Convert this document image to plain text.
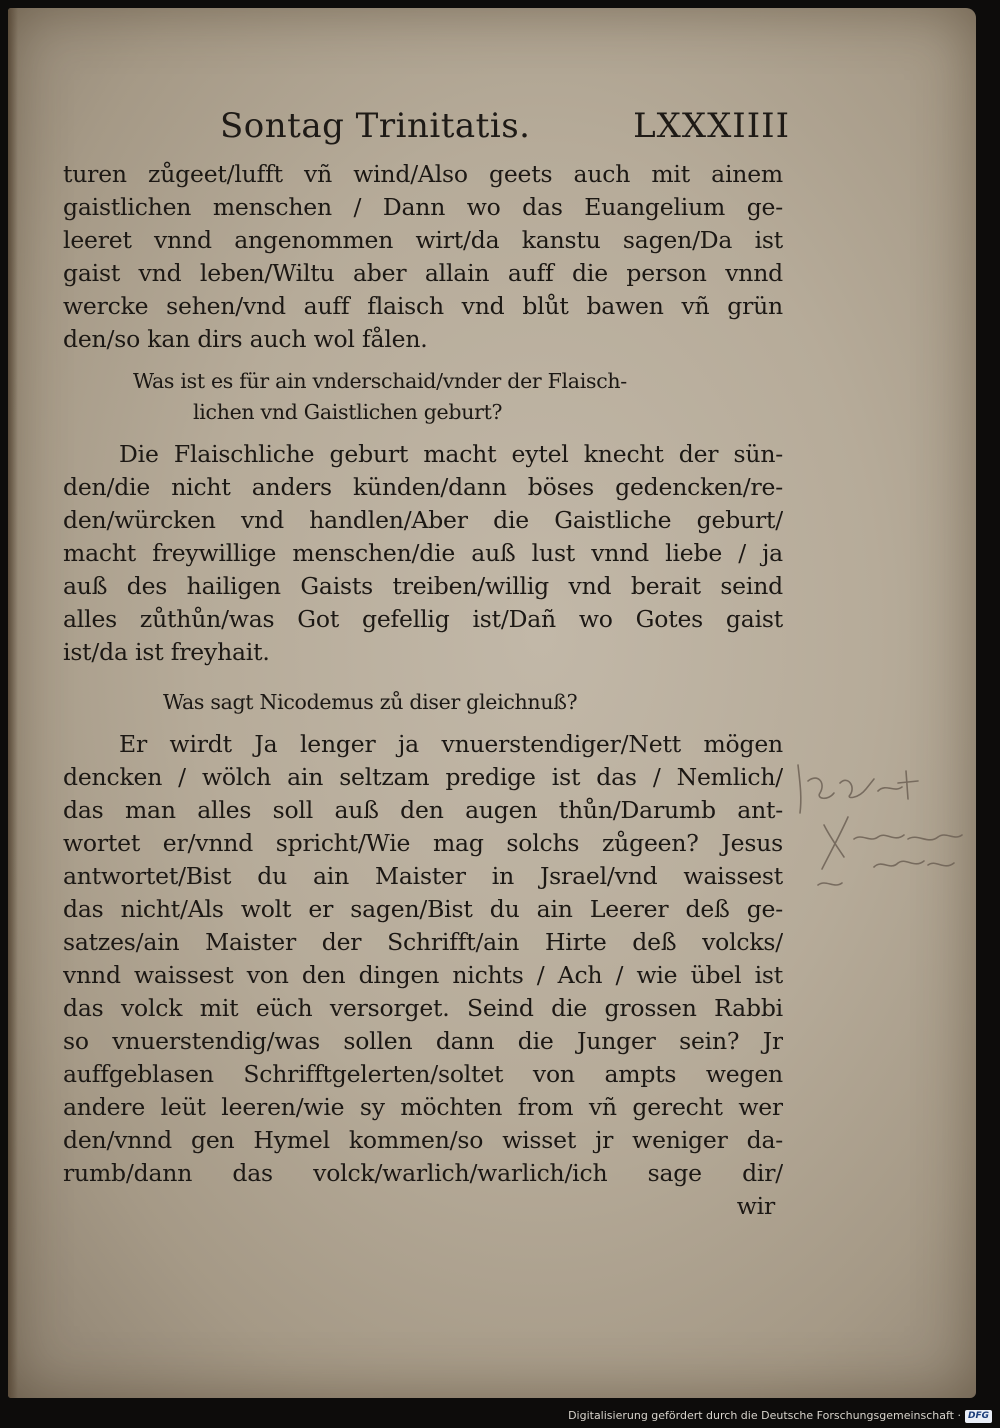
Sontag Trinitatis.	LXXXIIII
turen zůgeet/lufft vñ wind/Also geets auch mit ainem
gaistlichen menschen / Dann wo das Euangelium ge‑
leeret vnnd angenommen wirt/da kanstu sagen/Da ist
gaist vnd leben/Wiltu aber allain auff die person vnnd
wercke sehen/vnd auff flaisch vnd blůt bawen vñ grün
den/so kan dirs auch wol fålen.
Was ist es für ain vnderschaid/vnder der Flaisch‑
lichen vnd Gaistlichen geburt?
Die Flaischliche geburt macht eytel knecht der sün‑
den/die nicht anders künden/dann böses gedencken/re‑
den/würcken vnd handlen/Aber die Gaistliche geburt/
macht freywillige menschen/die auß lust vnnd liebe / ja
auß des hailigen Gaists treiben/willig vnd berait seind
alles zůthůn/was Got gefellig ist/Dañ wo Gotes gaist
ist/da ist freyhait.
Was sagt Nicodemus zů diser gleichnuß?
Er wirdt Ja lenger ja vnuerstendiger/Nett mögen
dencken / wölch ain seltzam predige ist das / Nemlich/
das man alles soll auß den augen thůn/Darumb ant‑
wortet er/vnnd spricht/Wie mag solchs zůgeen? Jesus
antwortet/Bist du ain Maister in Jsrael/vnd waissest
das nicht/Als wolt er sagen/Bist du ain Leerer deß ge‑
satzes/ain Maister der Schrifft/ain Hirte deß volcks/
vnnd waissest von den dingen nichts / Ach / wie übel ist
das volck mit eüch versorget. Seind die grossen Rabbi
so vnuerstendig/was sollen dann die Junger sein? Jr
auffgeblasen Schrifftgelerten/soltet von ampts wegen
andere leüt leeren/wie sy möchten from vñ gerecht wer
den/vnnd gen Hymel kommen/so wisset jr weniger da‑
rumb/dann das volck/warlich/warlich/ich sage dir/
wir
Digitalisierung gefördert durch die Deutsche Forschungsgemeinschaft · DFG
